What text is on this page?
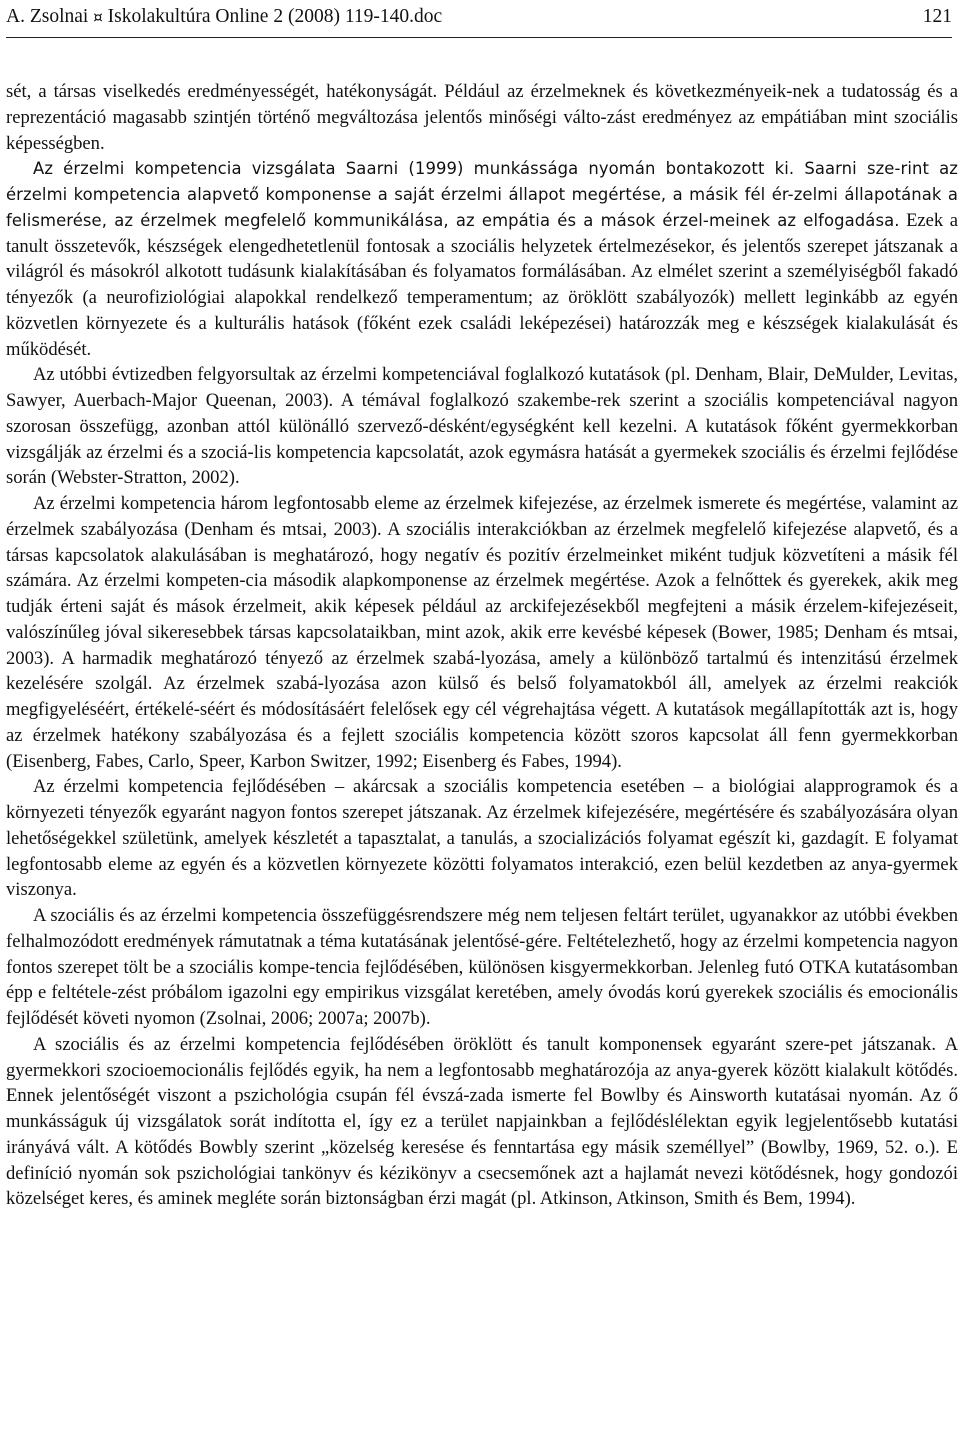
A. Zsolnai ¤ Iskolakultúra Online 2 (2008) 119-140.doc	121

sét, a társas viselkedés eredményességét, hatékonyságát. Például az érzelmeknek és következményeik-nek a tudatosság és a reprezentáció magasabb szintjén történő megváltozása jelentős minőségi válto-zást eredményez az empátiában mint szociális képességben.

Az érzelmi kompetencia vizsgálata Saarni (1999) munkássága nyomán bontakozott ki. Saarni sze-rint az érzelmi kompetencia alapvető komponense a saját érzelmi állapot megértése, a másik fél ér-zelmi állapotának a felismerése, az érzelmek megfelelő kommunikálása, az empátia és a mások érzel-meinek az elfogadása. Ezek a tanult összetevők, készségek elengedhetetlenül fontosak a szociális helyzetek értelmezésekor, és jelentős szerepet játszanak a világról és másokról alkotott tudásunk kialakításában és folyamatos formálásában. Az elmélet szerint a személyiségből fakadó tényezők (a neurofiziológiai alapokkal rendelkező temperamentum; az öröklött szabályozók) mellett leginkább az egyén közvetlen környezete és a kulturális hatások (főként ezek családi leképezései) határozzák meg e készségek kialakulását és működését.

Az utóbbi évtizedben felgyorsultak az érzelmi kompetenciával foglalkozó kutatások (pl. Denham, Blair, DeMulder, Levitas, Sawyer, Auerbach-Major Queenan, 2003). A témával foglalkozó szakembe-rek szerint a szociális kompetenciával nagyon szorosan összefügg, azonban attól különálló szervező-désként/egységként kell kezelni. A kutatások főként gyermekkorban vizsgálják az érzelmi és a szociá-lis kompetencia kapcsolatát, azok egymásra hatását a gyermekek szociális és érzelmi fejlődése során (Webster-Stratton, 2002).

Az érzelmi kompetencia három legfontosabb eleme az érzelmek kifejezése, az érzelmek ismerete és megértése, valamint az érzelmek szabályozása (Denham és mtsai, 2003). A szociális interakciókban az érzelmek megfelelő kifejezése alapvető, és a társas kapcsolatok alakulásában is meghatározó, hogy negatív és pozitív érzelmeinket miként tudjuk közvetíteni a másik fél számára. Az érzelmi kompeten-cia második alapkomponense az érzelmek megértése. Azok a felnőttek és gyerekek, akik meg tudják érteni saját és mások érzelmeit, akik képesek például az arckifejezésekből megfejteni a másik érzelem-kifejezéseit, valószínűleg jóval sikeresebbek társas kapcsolataikban, mint azok, akik erre kevésbé képesek (Bower, 1985; Denham és mtsai, 2003). A harmadik meghatározó tényező az érzelmek szabá-lyozása, amely a különböző tartalmú és intenzitású érzelmek kezelésére szolgál. Az érzelmek szabá-lyozása azon külső és belső folyamatokból áll, amelyek az érzelmi reakciók megfigyeléséért, értékelé-séért és módosításáért felelősek egy cél végrehajtása végett. A kutatások megállapították azt is, hogy az érzelmek hatékony szabályozása és a fejlett szociális kompetencia között szoros kapcsolat áll fenn gyermekkorban (Eisenberg, Fabes, Carlo, Speer, Karbon Switzer, 1992; Eisenberg és Fabes, 1994).

Az érzelmi kompetencia fejlődésében – akárcsak a szociális kompetencia esetében – a biológiai alapprogramok és a környezeti tényezők egyaránt nagyon fontos szerepet játszanak. Az érzelmek kifejezésére, megértésére és szabályozására olyan lehetőségekkel születünk, amelyek készletét a tapasztalat, a tanulás, a szocializációs folyamat egészít ki, gazdagít. E folyamat legfontosabb eleme az egyén és a közvetlen környezete közötti folyamatos interakció, ezen belül kezdetben az anya-gyermek viszonya.

A szociális és az érzelmi kompetencia összefüggésrendszere még nem teljesen feltárt terület, ugyanakkor az utóbbi években felhalmozódott eredmények rámutatnak a téma kutatásának jelentősé-gére. Feltételezhető, hogy az érzelmi kompetencia nagyon fontos szerepet tölt be a szociális kompe-tencia fejlődésében, különösen kisgyermekkorban. Jelenleg futó OTKA kutatásomban épp e feltétele-zést próbálom igazolni egy empirikus vizsgálat keretében, amely óvodás korú gyerekek szociális és emocionális fejlődését követi nyomon (Zsolnai, 2006; 2007a; 2007b).

A szociális és az érzelmi kompetencia fejlődésében öröklött és tanult komponensek egyaránt szere-pet játszanak. A gyermekkori szocioemocionális fejlődés egyik, ha nem a legfontosabb meghatározója az anya-gyerek között kialakult kötődés. Ennek jelentőségét viszont a pszichológia csupán fél évszá-zada ismerte fel Bowlby és Ainsworth kutatásai nyomán. Az ő munkásságuk új vizsgálatok sorát indította el, így ez a terület napjainkban a fejlődéslélektan egyik legjelentősebb kutatási irányává vált. A kötődés Bowbly szerint „közelség keresése és fenntartása egy másik személlyel” (Bowlby, 1969, 52. o.). E definíció nyomán sok pszichológiai tankönyv és kézikönyv a csecsemőnek azt a hajlamát nevezi kötődésnek, hogy gondozói közelséget keres, és aminek megléte során biztonságban érzi magát (pl. Atkinson, Atkinson, Smith és Bem, 1994).
